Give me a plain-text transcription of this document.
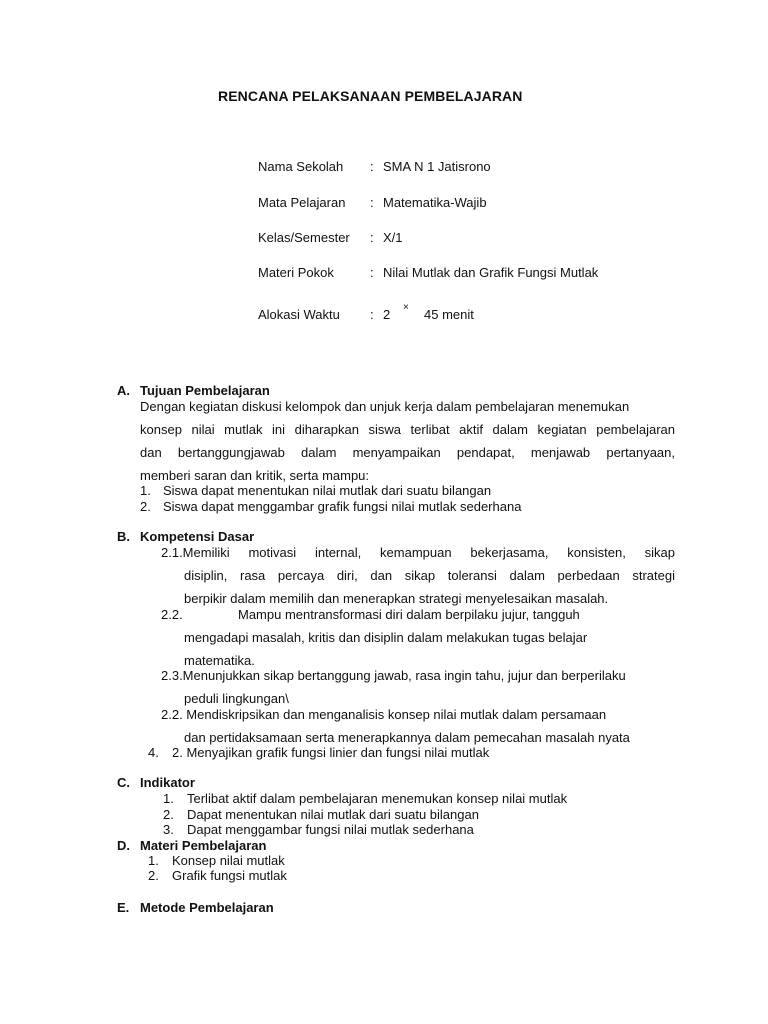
RENCANA PELAKSANAAN PEMBELAJARAN
Nama Sekolah : SMA N 1 Jatisrono
Mata Pelajaran : Matematika-Wajib
Kelas/Semester : X/1
Materi Pokok	: Nilai Mutlak dan Grafik Fungsi Mutlak
Alokasi Waktu : 2 × 45 menit
A. Tujuan Pembelajaran
Dengan kegiatan diskusi kelompok dan unjuk kerja dalam pembelajaran menemukan
konsep nilai mutlak ini diharapkan siswa terlibat aktif dalam kegiatan pembelajaran
dan bertanggungjawab dalam menyampaikan pendapat, menjawab pertanyaan,
memberi saran dan kritik, serta mampu:
1. Siswa dapat menentukan nilai mutlak dari suatu bilangan
2. Siswa dapat menggambar grafik fungsi nilai mutlak sederhana
B. Kompetensi Dasar
2.1.Memiliki motivasi internal, kemampuan bekerjasama, konsisten, sikap
disiplin, rasa percaya diri, dan sikap toleransi dalam perbedaan strategi
berpikir dalam memilih dan menerapkan strategi menyelesaikan masalah.
2.2.	Mampu mentransformasi diri dalam berpilaku jujur, tangguh
mengadapi masalah, kritis dan disiplin dalam melakukan tugas belajar
matematika.
2.3.Menunjukkan sikap bertanggung jawab, rasa ingin tahu, jujur dan berperilaku
peduli lingkungan\
2.2. Mendiskripsikan dan menganalisis konsep nilai mutlak dalam persamaan
dan pertidaksamaan serta menerapkannya dalam pemecahan masalah nyata
4. 2. Menyajikan grafik fungsi linier dan fungsi nilai mutlak
C. Indikator
1. Terlibat aktif dalam pembelajaran menemukan konsep nilai mutlak
2. Dapat menentukan nilai mutlak dari suatu bilangan
3. Dapat menggambar fungsi nilai mutlak sederhana
D. Materi Pembelajaran
1. Konsep nilai mutlak
2. Grafik fungsi mutlak
E. Metode Pembelajaran
